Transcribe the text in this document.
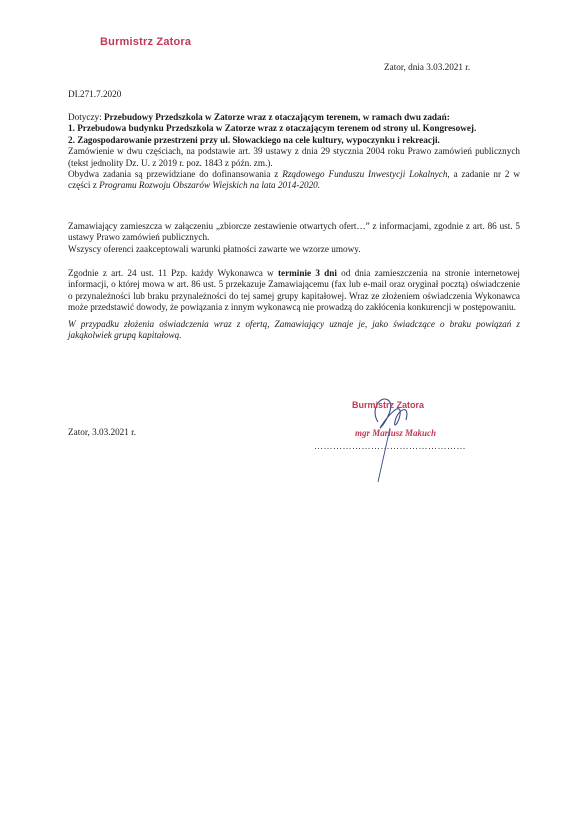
Burmistrz Zatora
Zator, dnia 3.03.2021 r.
DI.271.7.2020

Dotyczy: Przebudowy Przedszkola w Zatorze wraz z otaczającym terenem, w ramach dwu zadań:

1. Przebudowa budynku Przedszkola w Zatorze wraz z otaczającym terenem od strony ul. Kongresowej.

2. Zagospodarowanie przestrzeni przy ul. Słowackiego na cele kultury, wypoczynku i rekreacji.

Zamówienie w dwu częściach, na podstawie art. 39 ustawy z dnia 29 stycznia 2004 roku Prawo zamówień publicznych (tekst jednolity Dz. U. z 2019 r. poz. 1843 z późn. zm.).

Obydwa zadania są przewidziane do dofinansowania z Rządowego Funduszu Inwestycji Lokalnych, a zadanie nr 2 w części z Programu Rozwoju Obszarów Wiejskich na lata 2014-2020.

Zamawiający zamieszcza w załączeniu „zbiorcze zestawienie otwartych ofert…” z informacjami, zgodnie z art. 86 ust. 5 ustawy Prawo zamówień publicznych.

Wszyscy oferenci zaakceptowali warunki płatności zawarte we wzorze umowy.

Zgodnie z art. 24 ust. 11 Pzp. każdy Wykonawca w terminie 3 dni od dnia zamieszczenia na stronie internetowej informacji, o której mowa w art. 86 ust. 5 przekazuje Zamawiającemu (fax lub e-mail oraz oryginał pocztą) oświadczenie o przynależności lub braku przynależności do tej samej grupy kapitałowej. Wraz ze złożeniem oświadczenia Wykonawca może przedstawić dowody, że powiązania z innym wykonawcą nie prowadzą do zakłócenia konkurencji w postępowaniu.

W przypadku złożenia oświadczenia wraz z ofertą, Zamawiający uznaje je, jako świadczące o braku powiązań z jakąkolwiek grupą kapitałową.

Zator, 3.03.2021 r.
Burmistrz Zatora
mgr Mariusz Makuch
…………………………………………
